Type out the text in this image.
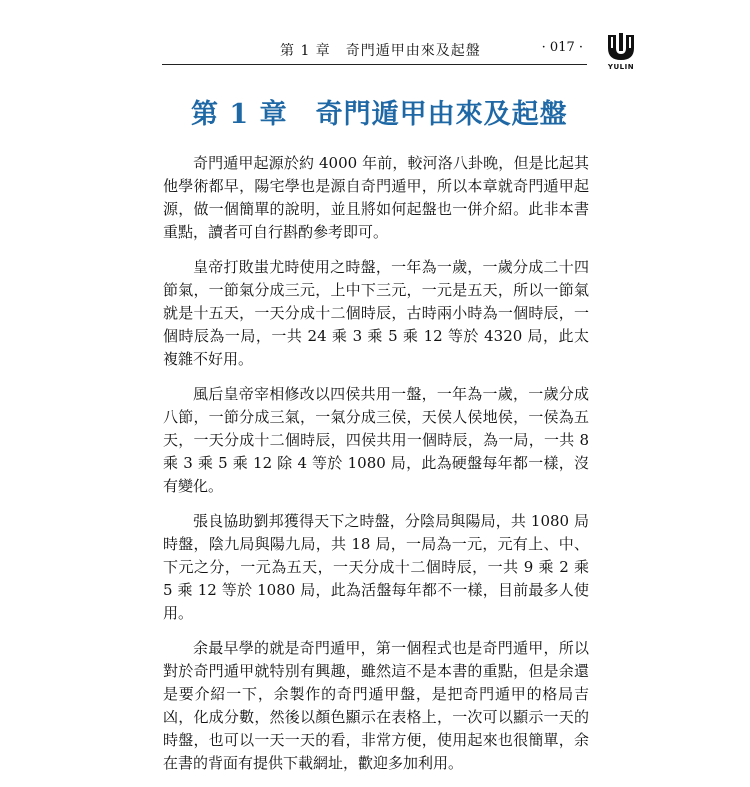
第 1 章　奇門遁甲由來及起盤	· 017 ·
YULIN
第 1 章 奇門遁甲由來及起盤

奇門遁甲起源於約 4000 年前，較河洛八卦晚，但是比起其他學術都早，陽宅學也是源自奇門遁甲，所以本章就奇門遁甲起源，做一個簡單的說明，並且將如何起盤也一併介紹。此非本書重點，讀者可自行斟酌參考即可。

皇帝打敗蚩尤時使用之時盤，一年為一歲，一歲分成二十四節氣，一節氣分成三元，上中下三元，一元是五天，所以一節氣就是十五天，一天分成十二個時辰，古時兩小時為一個時辰，一個時辰為一局，一共 24 乘 3 乘 5 乘 12 等於 4320 局，此太複雜不好用。

風后皇帝宰相修改以四侯共用一盤，一年為一歲，一歲分成八節，一節分成三氣，一氣分成三侯，天侯人侯地侯，一侯為五天，一天分成十二個時辰，四侯共用一個時辰，為一局，一共 8 乘 3 乘 5 乘 12 除 4 等於 1080 局，此為硬盤每年都一樣，沒有變化。

張良協助劉邦獲得天下之時盤，分陰局與陽局，共 1080 局時盤，陰九局與陽九局，共 18 局，一局為一元，元有上、中、下元之分，一元為五天，一天分成十二個時辰，一共 9 乘 2 乘 5 乘 12 等於 1080 局，此為活盤每年都不一樣，目前最多人使用。

余最早學的就是奇門遁甲，第一個程式也是奇門遁甲，所以對於奇門遁甲就特別有興趣，雖然這不是本書的重點，但是余還是要介紹一下，余製作的奇門遁甲盤，是把奇門遁甲的格局吉凶，化成分數，然後以顏色顯示在表格上，一次可以顯示一天的時盤，也可以一天一天的看，非常方便，使用起來也很簡單，余在書的背面有提供下載網址，歡迎多加利用。
